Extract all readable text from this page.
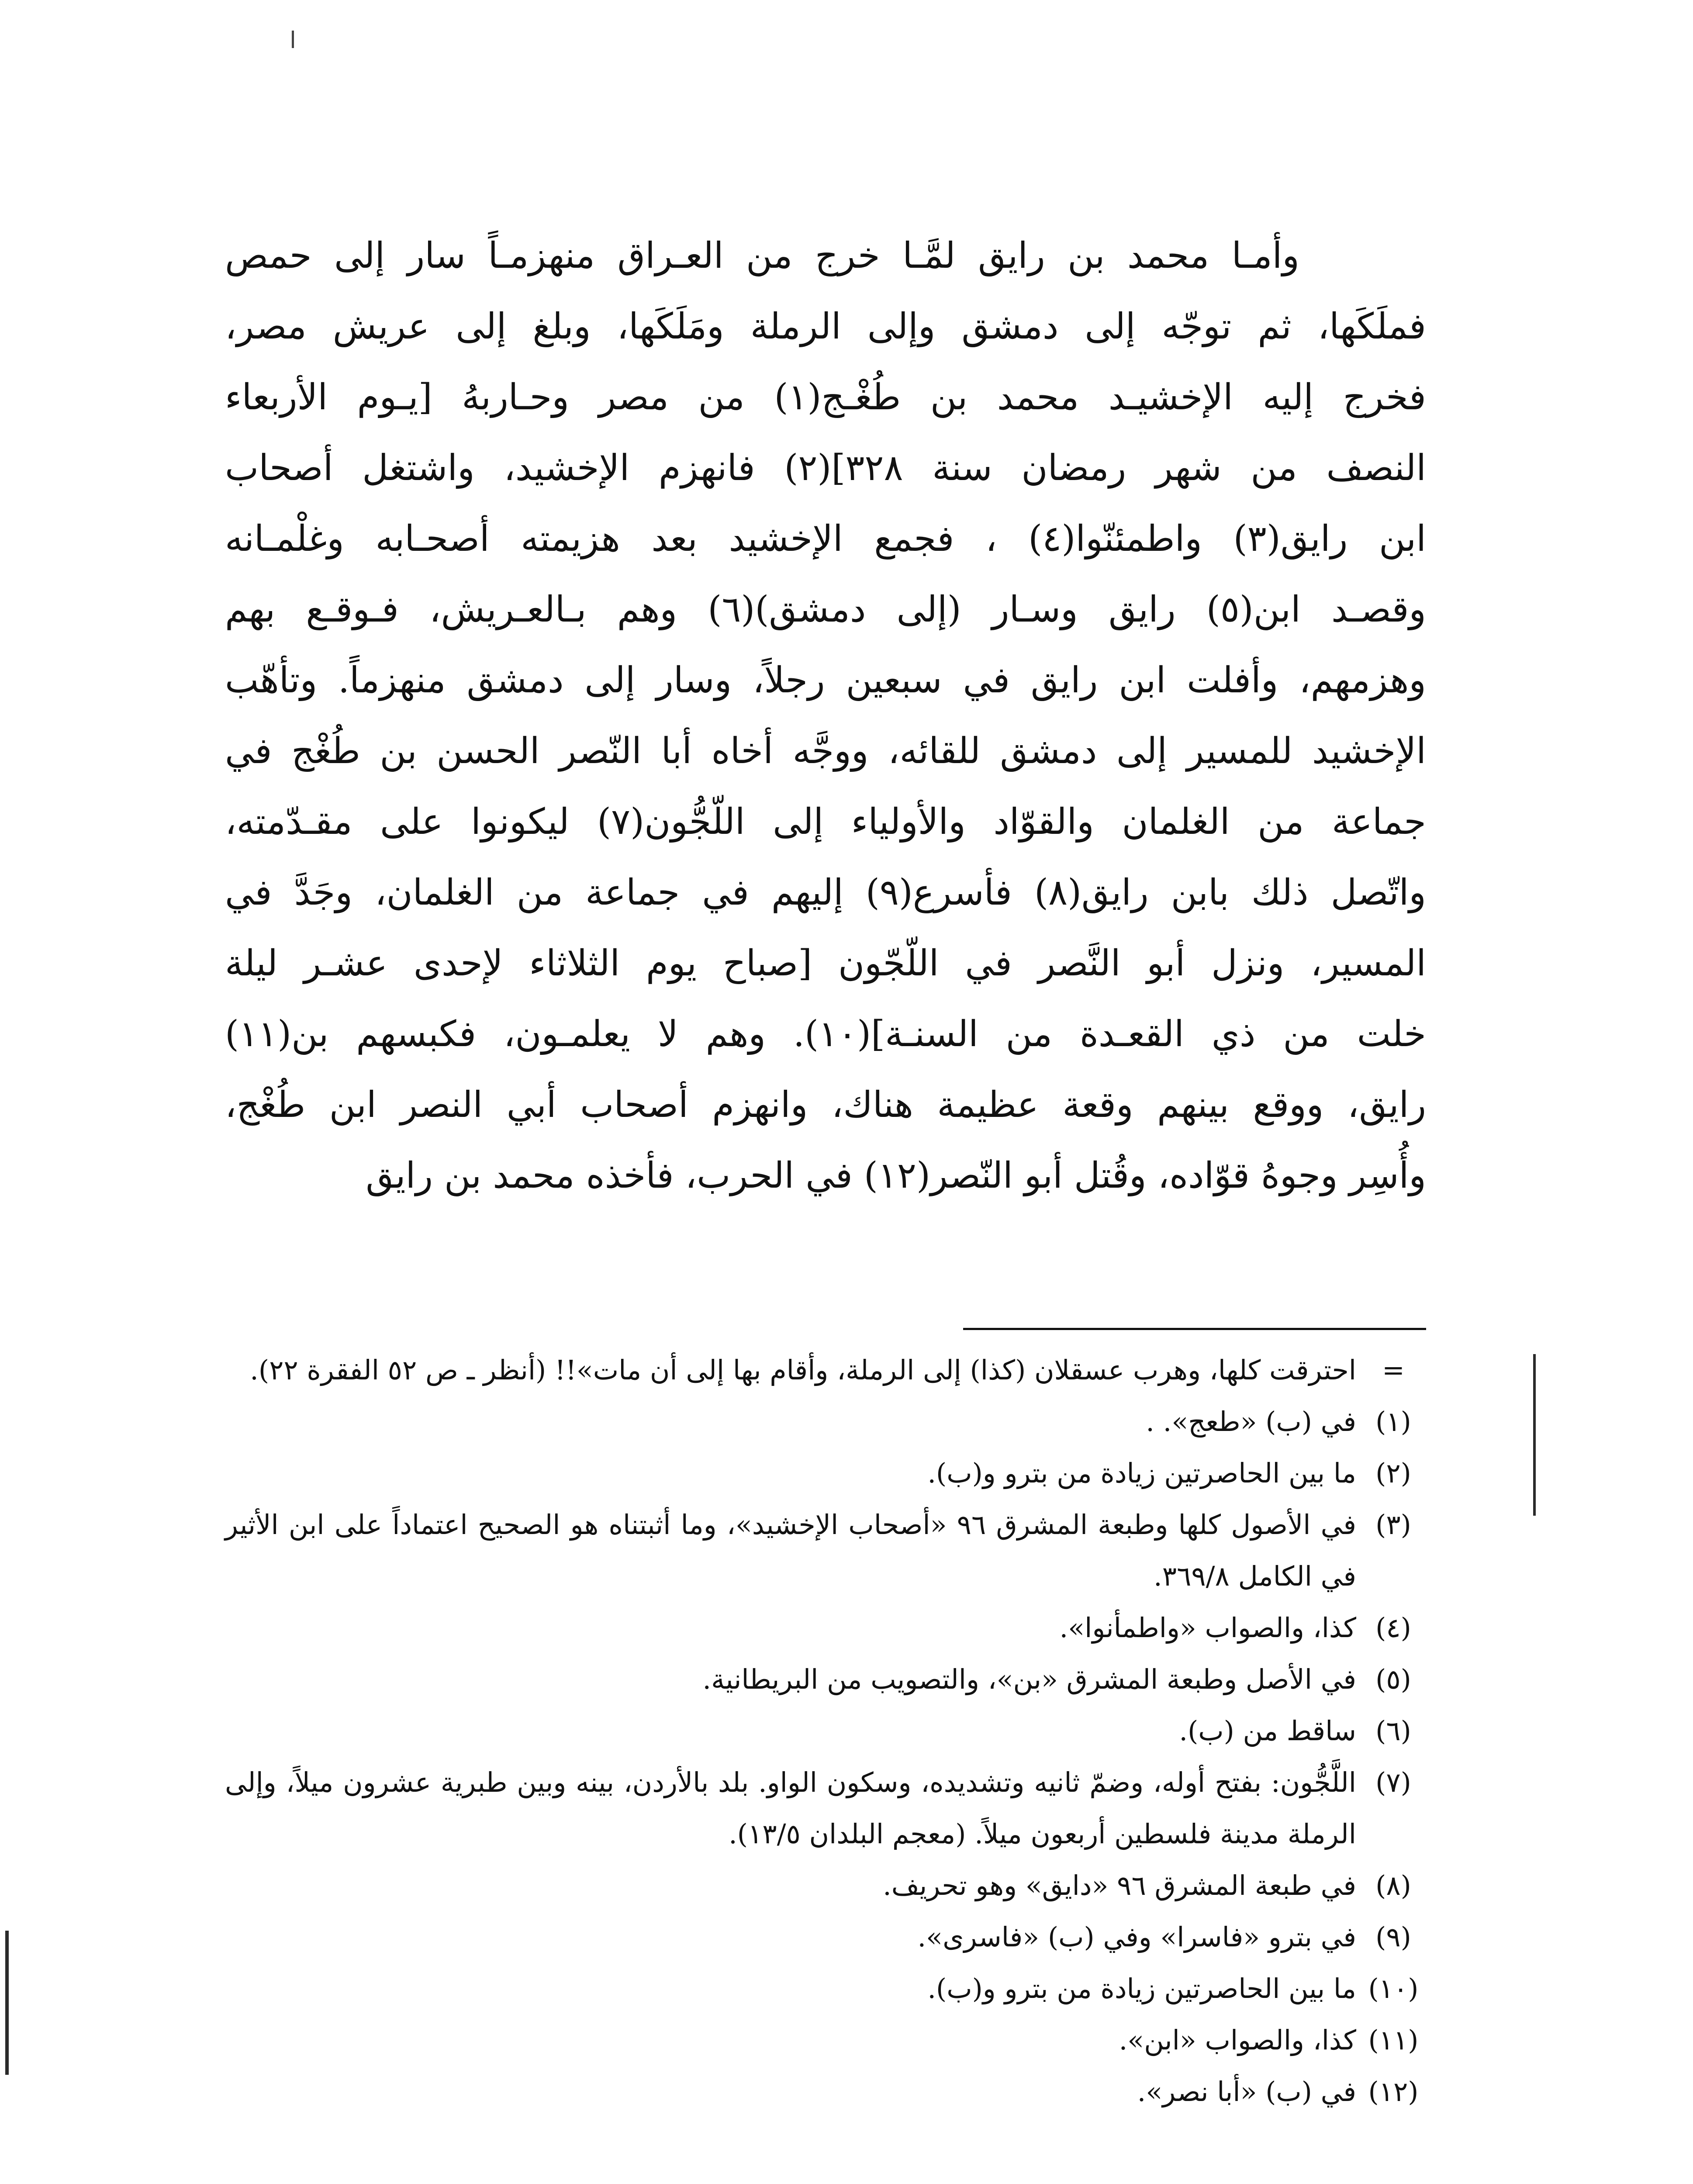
وأمـا محمد بن رايق لمَّـا خرج من العـراق منهزمـاً سار إلى حمص
فملَكَها، ثم توجّه إلى دمشق وإلى الرملة ومَلَكَها، وبلغ إلى عريش مصر،
فخرج إليه الإخشيـد محمد بن طُغْـج(١) من مصر وحـاربهُ [يـوم الأربعاء
النصف من شهر رمضان سنة ٣٢٨](٢) فانهزم الإخشيد، واشتغل أصحاب
ابن رايق(٣) واطمئنّوا(٤) ، فجمع الإخشيد بعد هزيمته أصحـابه وغلْمـانه
وقصـد ابن(٥) رايق وسـار (إلى دمشق)(٦) وهم بـالعـريش، فـوقـع بهم
وهزمهم، وأفلت ابن رايق في سبعين رجلاً، وسار إلى دمشق منهزماً. وتأهّب
الإخشيد للمسير إلى دمشق للقائه، ووجَّه أخاه أبا النّصر الحسن بن طُغْج في
جماعة من الغلمان والقوّاد والأولياء إلى اللّجُّون(٧) ليكونوا على مقـدّمته،
واتّصل ذلك بابن رايق(٨) فأسرع(٩) إليهم في جماعة من الغلمان، وجَدَّ في
المسير، ونزل أبو النَّصر في اللّجّون [صباح يوم الثلاثاء لإحدى عشـر ليلة
خلت من ذي القعـدة من السنـة](١٠). وهم لا يعلمـون، فكبسهم بن(١١)
رايق، ووقع بينهم وقعة عظيمة هناك، وانهزم أصحاب أبي النصر ابن طُغْج،
وأُسِر وجوهُ قوّاده، وقُتل أبو النّصر(١٢) في الحرب، فأخذه محمد بن رايق
=
احترقت كلها، وهرب عسقلان (كذا) إلى الرملة، وأقام بها إلى أن مات»!! (أنظر ـ ص ٥٢ الفقرة ٢٢).
(١)
في (ب) «طعج». .
(٢)
ما بين الحاصرتين زيادة من بترو و(ب).
(٣)
في الأصول كلها وطبعة المشرق ٩٦ «أصحاب الإخشيد»، وما أثبتناه هو الصحيح اعتماداً على ابن الأثير في الكامل ٣٦٩/٨.
(٤)
كذا، والصواب «واطمأنوا».
(٥)
في الأصل وطبعة المشرق «بن»، والتصويب من البريطانية.
(٦)
ساقط من (ب).
(٧)
اللَّجُّون: بفتح أوله، وضمّ ثانيه وتشديده، وسكون الواو. بلد بالأردن، بينه وبين طبرية عشرون ميلاً، وإلى الرملة مدينة فلسطين أربعون ميلاً. (معجم البلدان ١٣/٥).
(٨)
في طبعة المشرق ٩٦ «دايق» وهو تحريف.
(٩)
في بترو «فاسرا» وفي (ب) «فاسرى».
(١٠)
ما بين الحاصرتين زيادة من بترو و(ب).
(١١)
كذا، والصواب «ابن».
(١٢)
في (ب) «أبا نصر».
